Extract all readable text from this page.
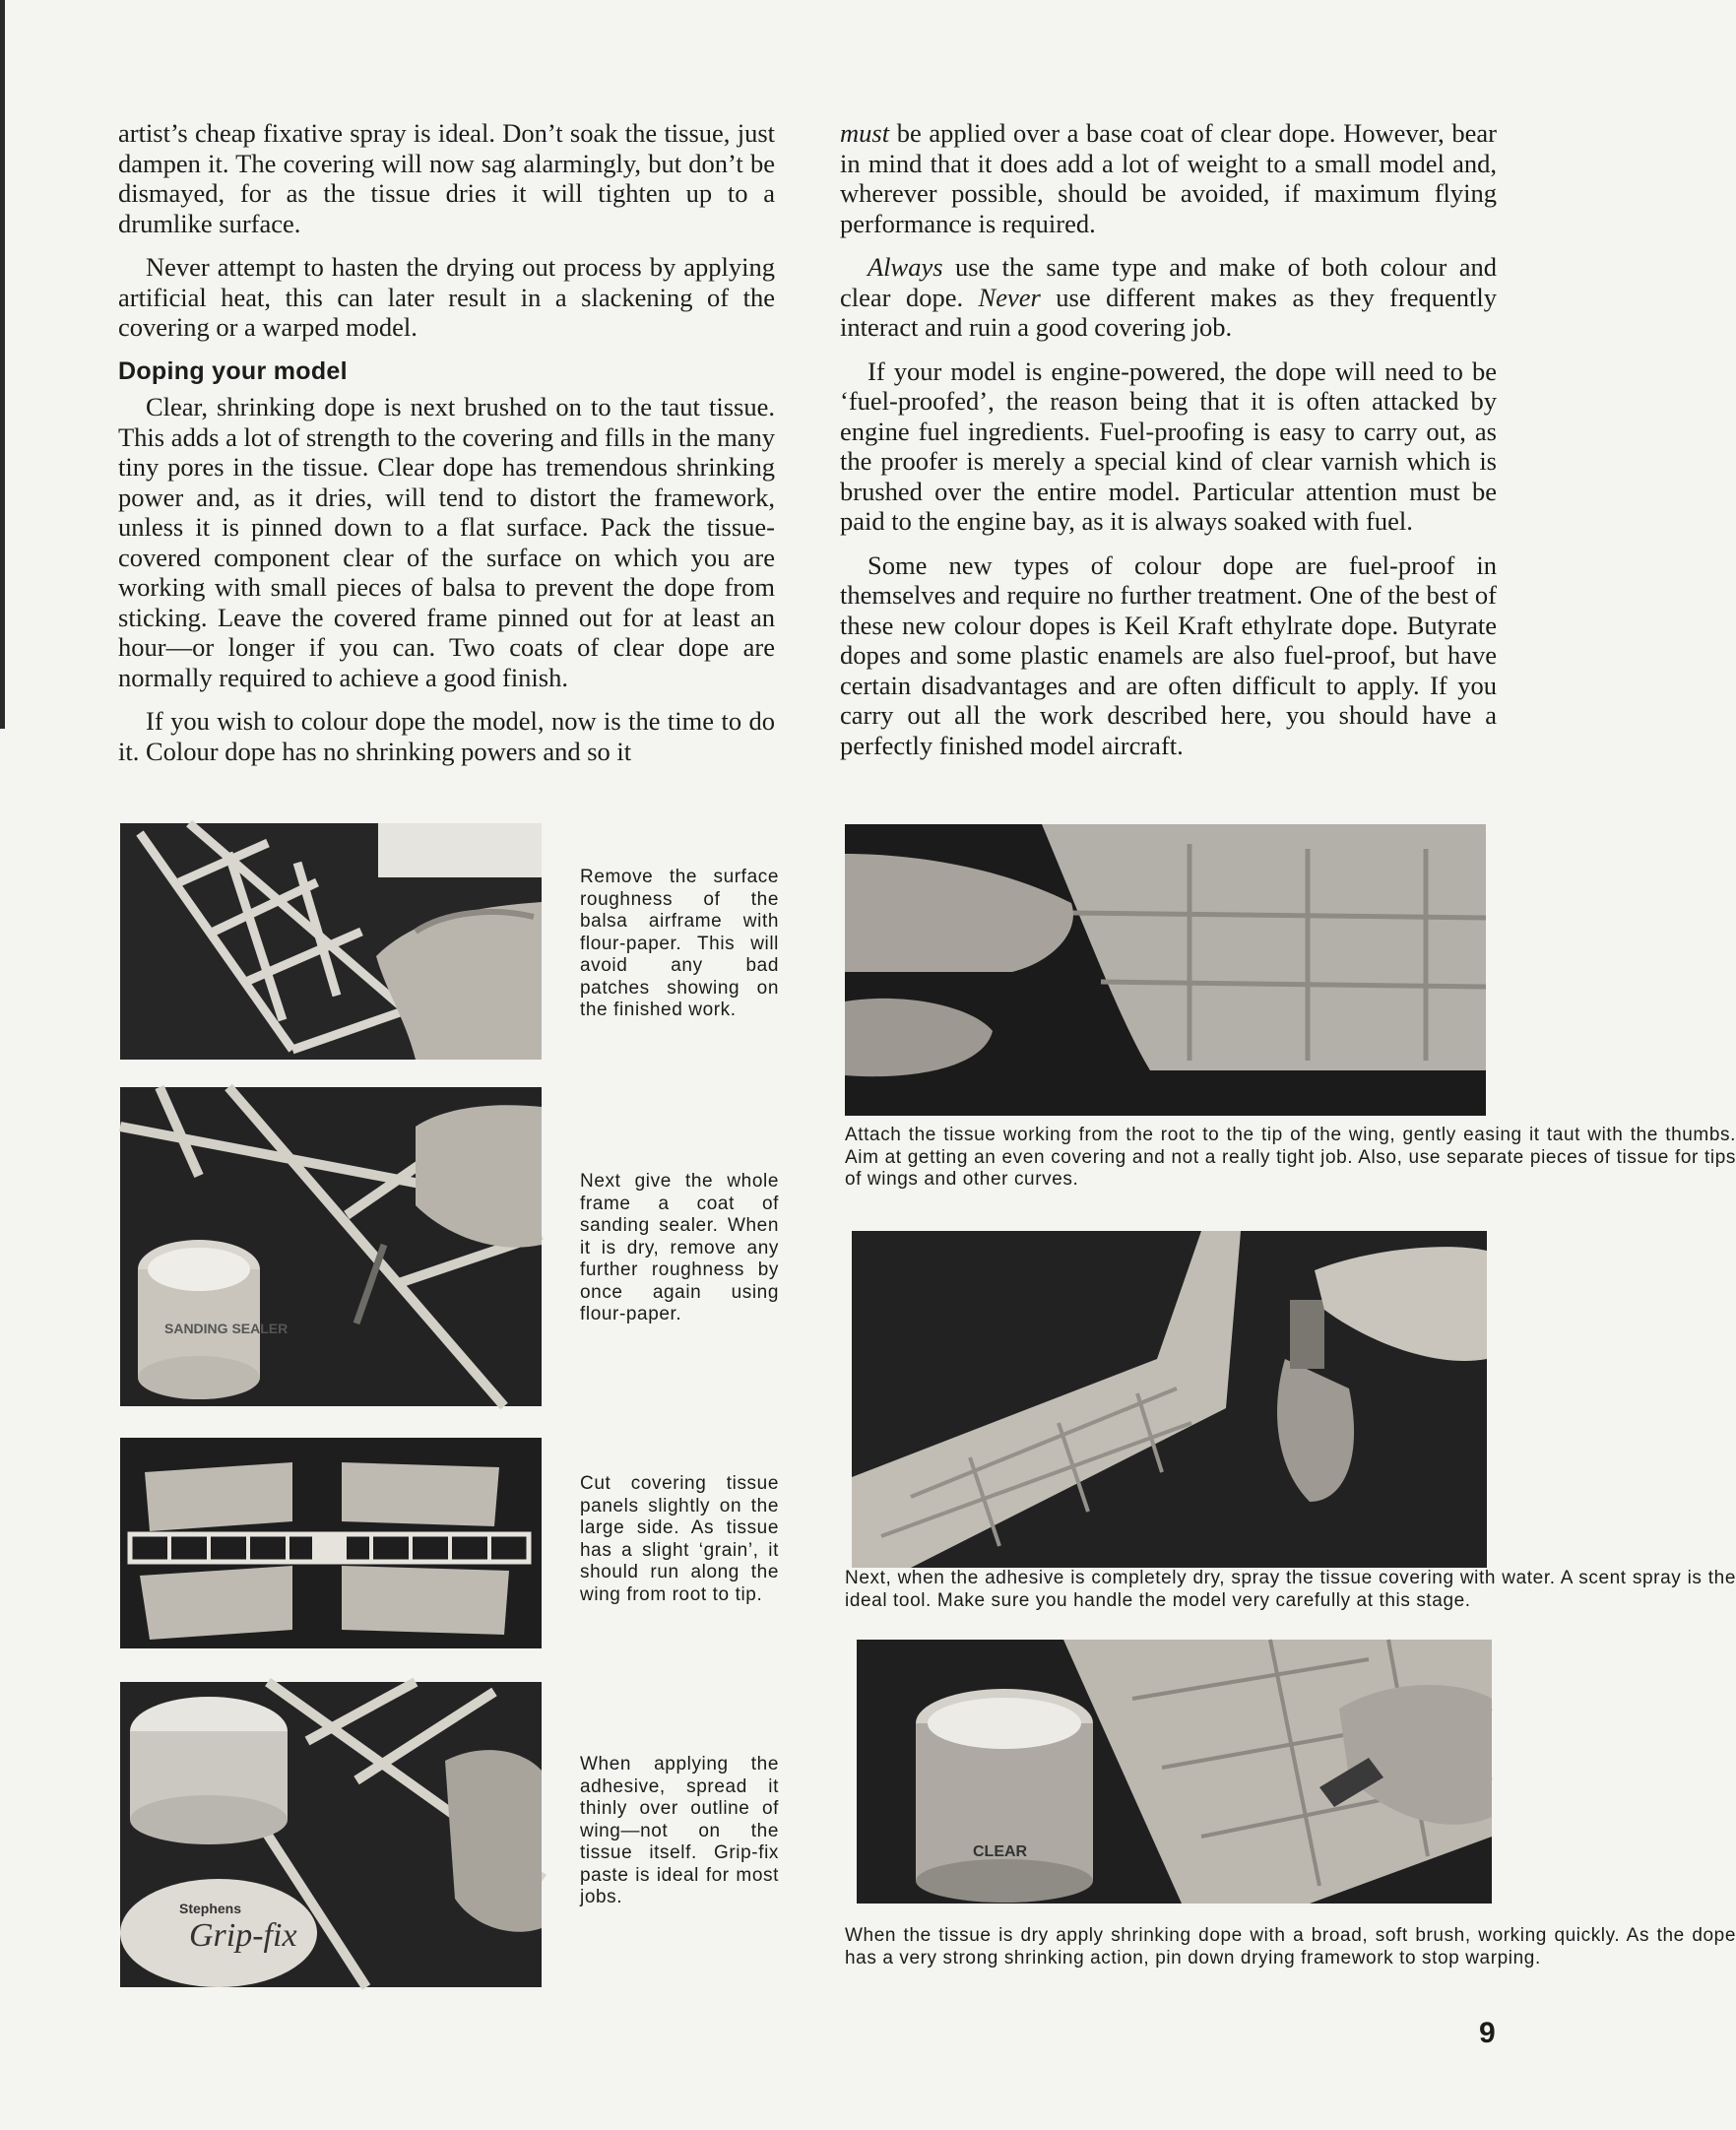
artist’s cheap fixative spray is ideal. Don’t soak the tissue, just dampen it. The covering will now sag alarmingly, but don’t be dismayed, for as the tissue dries it will tighten up to a drumlike surface.

Never attempt to hasten the drying out process by applying artificial heat, this can later result in a slackening of the covering or a warped model.

Doping your model

Clear, shrinking dope is next brushed on to the taut tissue. This adds a lot of strength to the covering and fills in the many tiny pores in the tissue. Clear dope has tremendous shrinking power and, as it dries, will tend to distort the framework, unless it is pinned down to a flat surface. Pack the tissue-covered component clear of the surface on which you are working with small pieces of balsa to prevent the dope from sticking. Leave the covered frame pinned out for at least an hour—or longer if you can. Two coats of clear dope are normally required to achieve a good finish.

If you wish to colour dope the model, now is the time to do it. Colour dope has no shrinking powers and so it

must be applied over a base coat of clear dope. However, bear in mind that it does add a lot of weight to a small model and, wherever possible, should be avoided, if maximum flying performance is required.

Always use the same type and make of both colour and clear dope. Never use different makes as they frequently interact and ruin a good covering job.

If your model is engine-powered, the dope will need to be ‘fuel-proofed’, the reason being that it is often attacked by engine fuel ingredients. Fuel-proofing is easy to carry out, as the proofer is merely a special kind of clear varnish which is brushed over the entire model. Particular attention must be paid to the engine bay, as it is always soaked with fuel.

Some new types of colour dope are fuel-proof in themselves and require no further treatment. One of the best of these new colour dopes is Keil Kraft ethylrate dope. Butyrate dopes and some plastic enamels are also fuel-proof, but have certain disadvantages and are often difficult to apply. If you carry out all the work described here, you should have a perfectly finished model aircraft.

Remove the surface roughness of the balsa airframe with flour-paper. This will avoid any bad patches showing on the finished work.
SANDING SEALER
Next give the whole frame a coat of sanding sealer. When it is dry, remove any further roughness by once again using flour-paper.
Cut covering tissue panels slightly on the large side. As tissue has a slight ‘grain’, it should run along the wing from root to tip.
Stephens
Grip-fix
When applying the adhesive, spread it thinly over outline of wing—not on the tissue itself. Grip-fix paste is ideal for most jobs.
Attach the tissue working from the root to the tip of the wing, gently easing it taut with the thumbs. Aim at getting an even covering and not a really tight job. Also, use separate pieces of tissue for tips of wings and other curves.
Next, when the adhesive is completely dry, spray the tissue covering with water. A scent spray is the ideal tool. Make sure you handle the model very carefully at this stage.
CLEAR
When the tissue is dry apply shrinking dope with a broad, soft brush, working quickly. As the dope has a very strong shrinking action, pin down drying framework to stop warping.
9
